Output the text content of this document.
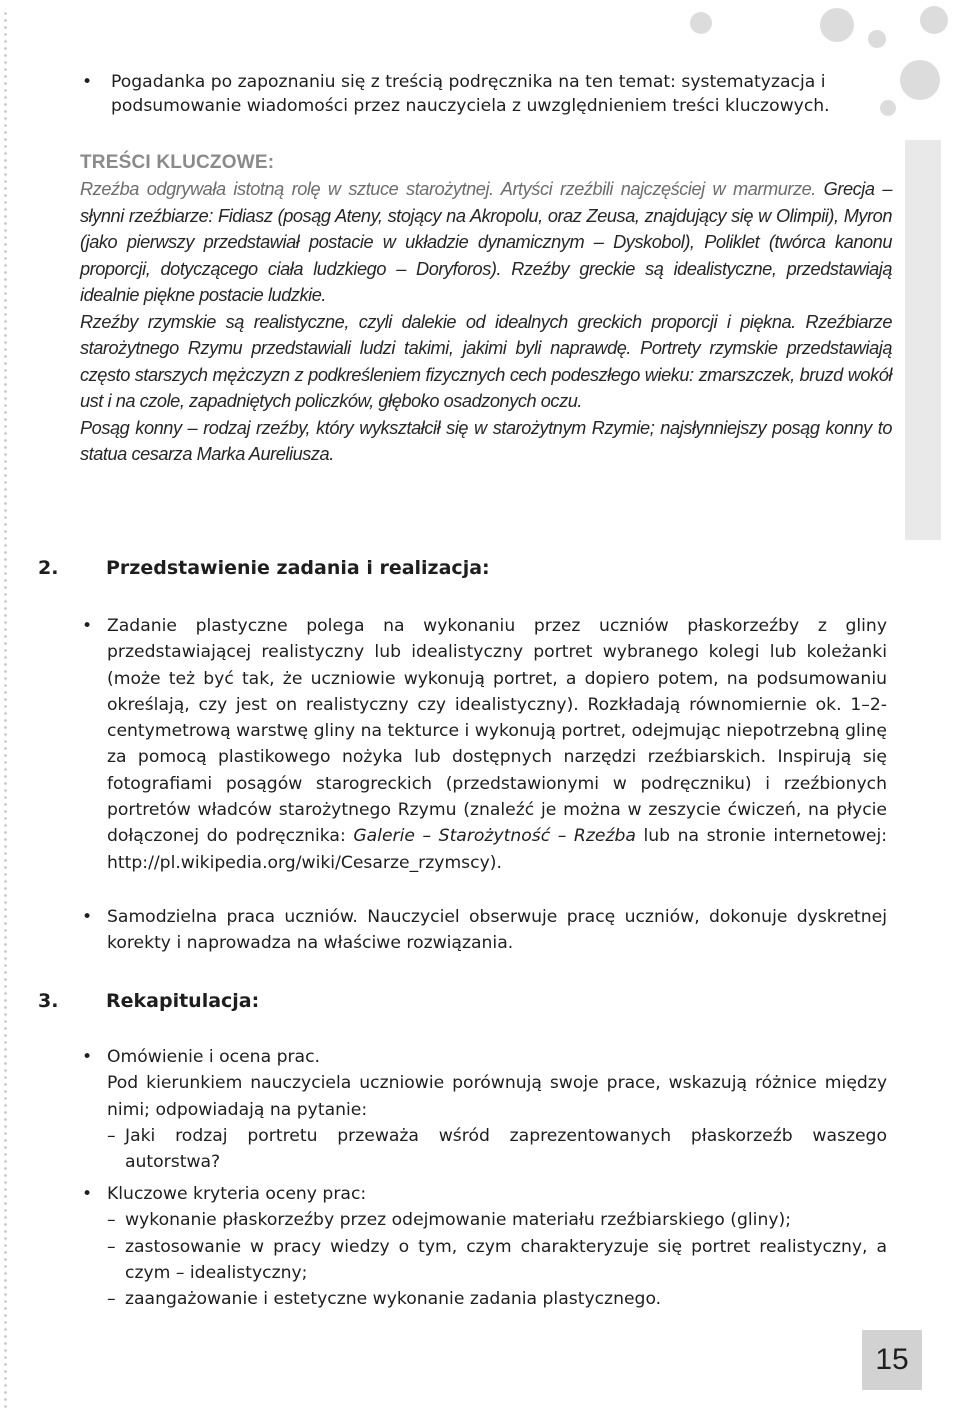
• Pogadanka po zapoznaniu się z treścią podręcznika na ten temat: systematyzacja i podsumowanie wiadomości przez nauczyciela z uwzględnieniem treści kluczowych.
TREŚCI KLUCZOWE:

Rzeźba odgrywała istotną rolę w sztuce starożytnej. Artyści rzeźbili najczęściej w marmurze. Grecja – słynni rzeźbiarze: Fidiasz (posąg Ateny, stojący na Akropolu, oraz Zeusa, znajdujący się w Olimpii), Myron (jako pierwszy przedstawiał postacie w układzie dynamicznym – Dyskobol), Poliklet (twórca kanonu proporcji, dotyczącego ciała ludzkiego – Doryforos). Rzeźby greckie są idealistyczne, przedstawiają idealnie piękne postacie ludzkie.

Rzeźby rzymskie są realistyczne, czyli dalekie od idealnych greckich proporcji i piękna. Rzeźbiarze starożytnego Rzymu przedstawiali ludzi takimi, jakimi byli naprawdę. Portrety rzymskie przedstawiają często starszych mężczyzn z podkreśleniem fizycznych cech podeszłego wieku: zmarszczek, bruzd wokół ust i na czole, zapadniętych policzków, głęboko osadzonych oczu.

Posąg konny – rodzaj rzeźby, który wykształcił się w starożytnym Rzymie; najsłynniejszy posąg konny to statua cesarza Marka Aureliusza.

2.	Przedstawienie zadania i realizacja:
• Zadanie plastyczne polega na wykonaniu przez uczniów płaskorzeźby z gliny przedstawiającej realistyczny lub idealistyczny portret wybranego kolegi lub koleżanki (może też być tak, że uczniowie wykonują portret, a dopiero potem, na podsumowaniu określają, czy jest on realistyczny czy idealistyczny). Rozkładają równomiernie ok. 1–2-centymetrową warstwę gliny na tekturce i wykonują portret, odejmując niepotrzebną glinę za pomocą plastikowego nożyka lub dostępnych narzędzi rzeźbiarskich. Inspirują się fotografiami posągów starogreckich (przedstawionymi w podręczniku) i rzeźbionych portretów władców starożytnego Rzymu (znaleźć je można w zeszycie ćwiczeń, na płycie dołączonej do podręcznika: Galerie – Starożytność – Rzeźba lub na stronie internetowej: http://pl.wikipedia.org/wiki/Cesarze_rzymscy).
• Samodzielna praca uczniów. Nauczyciel obserwuje pracę uczniów, dokonuje dyskretnej korekty i naprowadza na właściwe rozwiązania.
3.	Rekapitulacja:
• Omówienie i ocena prac.
Pod kierunkiem nauczyciela uczniowie porównują swoje prace, wskazują różnice między nimi; odpowiadają na pytanie:
– Jaki rodzaj portretu przeważa wśród zaprezentowanych płaskorzeźb waszego autorstwa?
• Kluczowe kryteria oceny prac:
– wykonanie płaskorzeźby przez odejmowanie materiału rzeźbiarskiego (gliny);
– zastosowanie w pracy wiedzy o tym, czym charakteryzuje się portret realistyczny, a czym – idealistyczny;
– zaangażowanie i estetyczne wykonanie zadania plastycznego.
15
